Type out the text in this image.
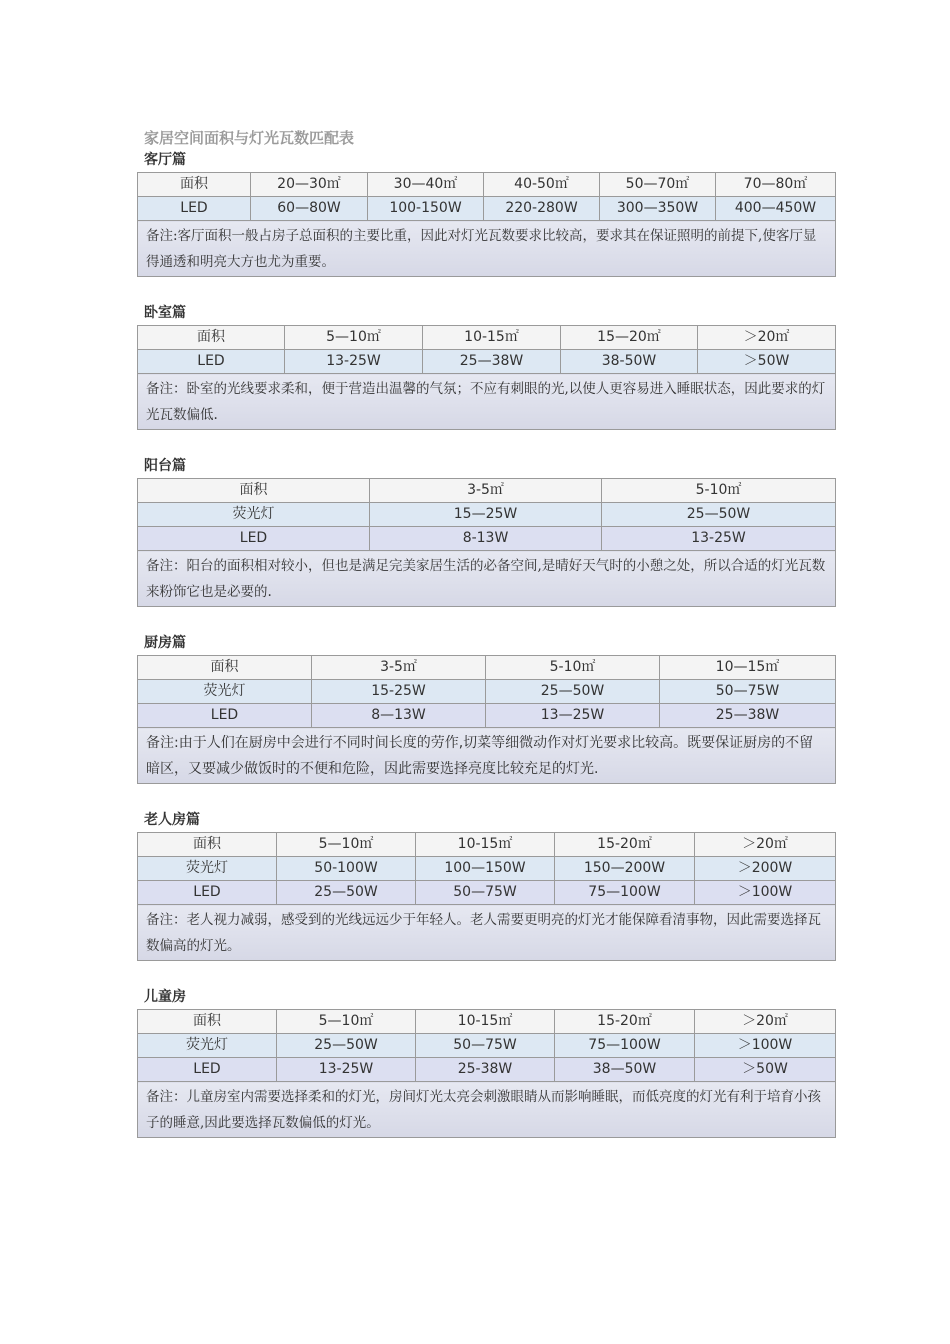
家居空间面积与灯光瓦数匹配表
客厅篇
面积	20—30㎡	30—40㎡	40-50㎡	50—70㎡	70—80㎡
LED	60—80W	100-150W	220-280W	300—350W	400—450W
备注:客厅面积一般占房子总面积的主要比重，因此对灯光瓦数要求比较高，要求其在保证照明的前提下,使客厅显得通透和明亮大方也尤为重要。					
卧室篇
面积	5—10㎡	10-15㎡	15—20㎡	＞20㎡
LED	13-25W	25—38W	38-50W	＞50W
备注：卧室的光线要求柔和，便于营造出温馨的气氛；不应有刺眼的光,以使人更容易进入睡眠状态，因此要求的灯光瓦数偏低.				
阳台篇
面积	3-5㎡	5-10㎡
荧光灯	15—25W	25—50W
LED	8-13W	13-25W
备注：阳台的面积相对较小，但也是满足完美家居生活的必备空间,是晴好天气时的小憩之处，所以合适的灯光瓦数来粉饰它也是必要的.		
厨房篇
面积	3-5㎡	5-10㎡	10—15㎡
荧光灯	15-25W	25—50W	50—75W
LED	8—13W	13—25W	25—38W
备注:由于人们在厨房中会进行不同时间长度的劳作,切菜等细微动作对灯光要求比较高。既要保证厨房的不留暗区，又要减少做饭时的不便和危险，因此需要选择亮度比较充足的灯光.			
老人房篇
面积	5—10㎡	10-15㎡	15-20㎡	＞20㎡
荧光灯	50-100W	100—150W	150—200W	＞200W
LED	25—50W	50—75W	75—100W	＞100W
备注：老人视力减弱，感受到的光线远远少于年轻人。老人需要更明亮的灯光才能保障看清事物，因此需要选择瓦数偏高的灯光。				
儿童房
面积	5—10㎡	10-15㎡	15-20㎡	＞20㎡
荧光灯	25—50W	50—75W	75—100W	＞100W
LED	13-25W	25-38W	38—50W	＞50W
备注：儿童房室内需要选择柔和的灯光，房间灯光太亮会刺激眼睛从而影响睡眠，而低亮度的灯光有利于培育小孩子的睡意,因此要选择瓦数偏低的灯光。				
